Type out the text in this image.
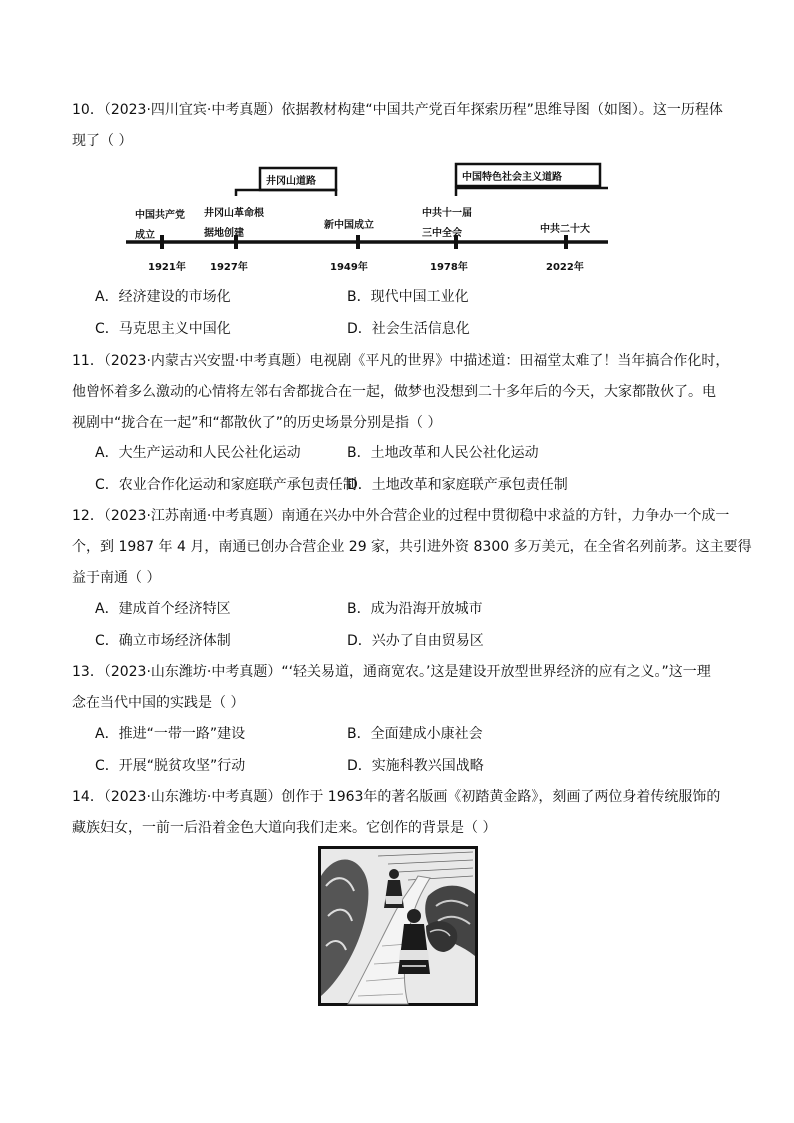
10．（2023·四川宜宾·中考真题）依据教材构建“中国共产党百年探索历程”思维导图（如图）。这一历程体
现了（ ）
井冈山道路	中国特色社会主义道路
中国共产党
成立
井冈山革命根
据地创建
新中国成立
中共十一届
三中全会	中共二十大
1921年 1927年	1949年	1978年	2022年
A．经济建设的市场化	B．现代中国工业化
C．马克思主义中国化	D．社会生活信息化
11．（2023·内蒙古兴安盟·中考真题）电视剧《平凡的世界》中描述道：田福堂太难了！当年搞合作化时，
他曾怀着多么激动的心情将左邻右舍都拢合在一起，做梦也没想到二十多年后的今天，大家都散伙了。电
视剧中“拢合在一起”和“都散伙了”的历史场景分别是指（ ）
A．大生产运动和人民公社化运动	B．土地改革和人民公社化运动
C．农业合作化运动和家庭联产承包责任制
D．土地改革和家庭联产承包责任制
12．（2023·江苏南通·中考真题）南通在兴办中外合营企业的过程中贯彻稳中求益的方针，力争办一个成一
个，到 1987 年 4 月，南通已创办合营企业 29 家，共引进外资 8300 多万美元，在全省名列前茅。这主要得
益于南通（ ）
A．建成首个经济特区	B．成为沿海开放城市
C．确立市场经济体制	D．兴办了自由贸易区
13．（2023·山东潍坊·中考真题）“‘轻关易道，通商宽农。’这是建设开放型世界经济的应有之义。”这一理
念在当代中国的实践是（ ）
A．推进“一带一路”建设	B．全面建成小康社会
C．开展“脱贫攻坚”行动	D．实施科教兴国战略
14．（2023·山东潍坊·中考真题）创作于 1963年的著名版画《初踏黄金路》，刻画了两位身着传统服饰的
藏族妇女，一前一后沿着金色大道向我们走来。它创作的背景是（ ）
